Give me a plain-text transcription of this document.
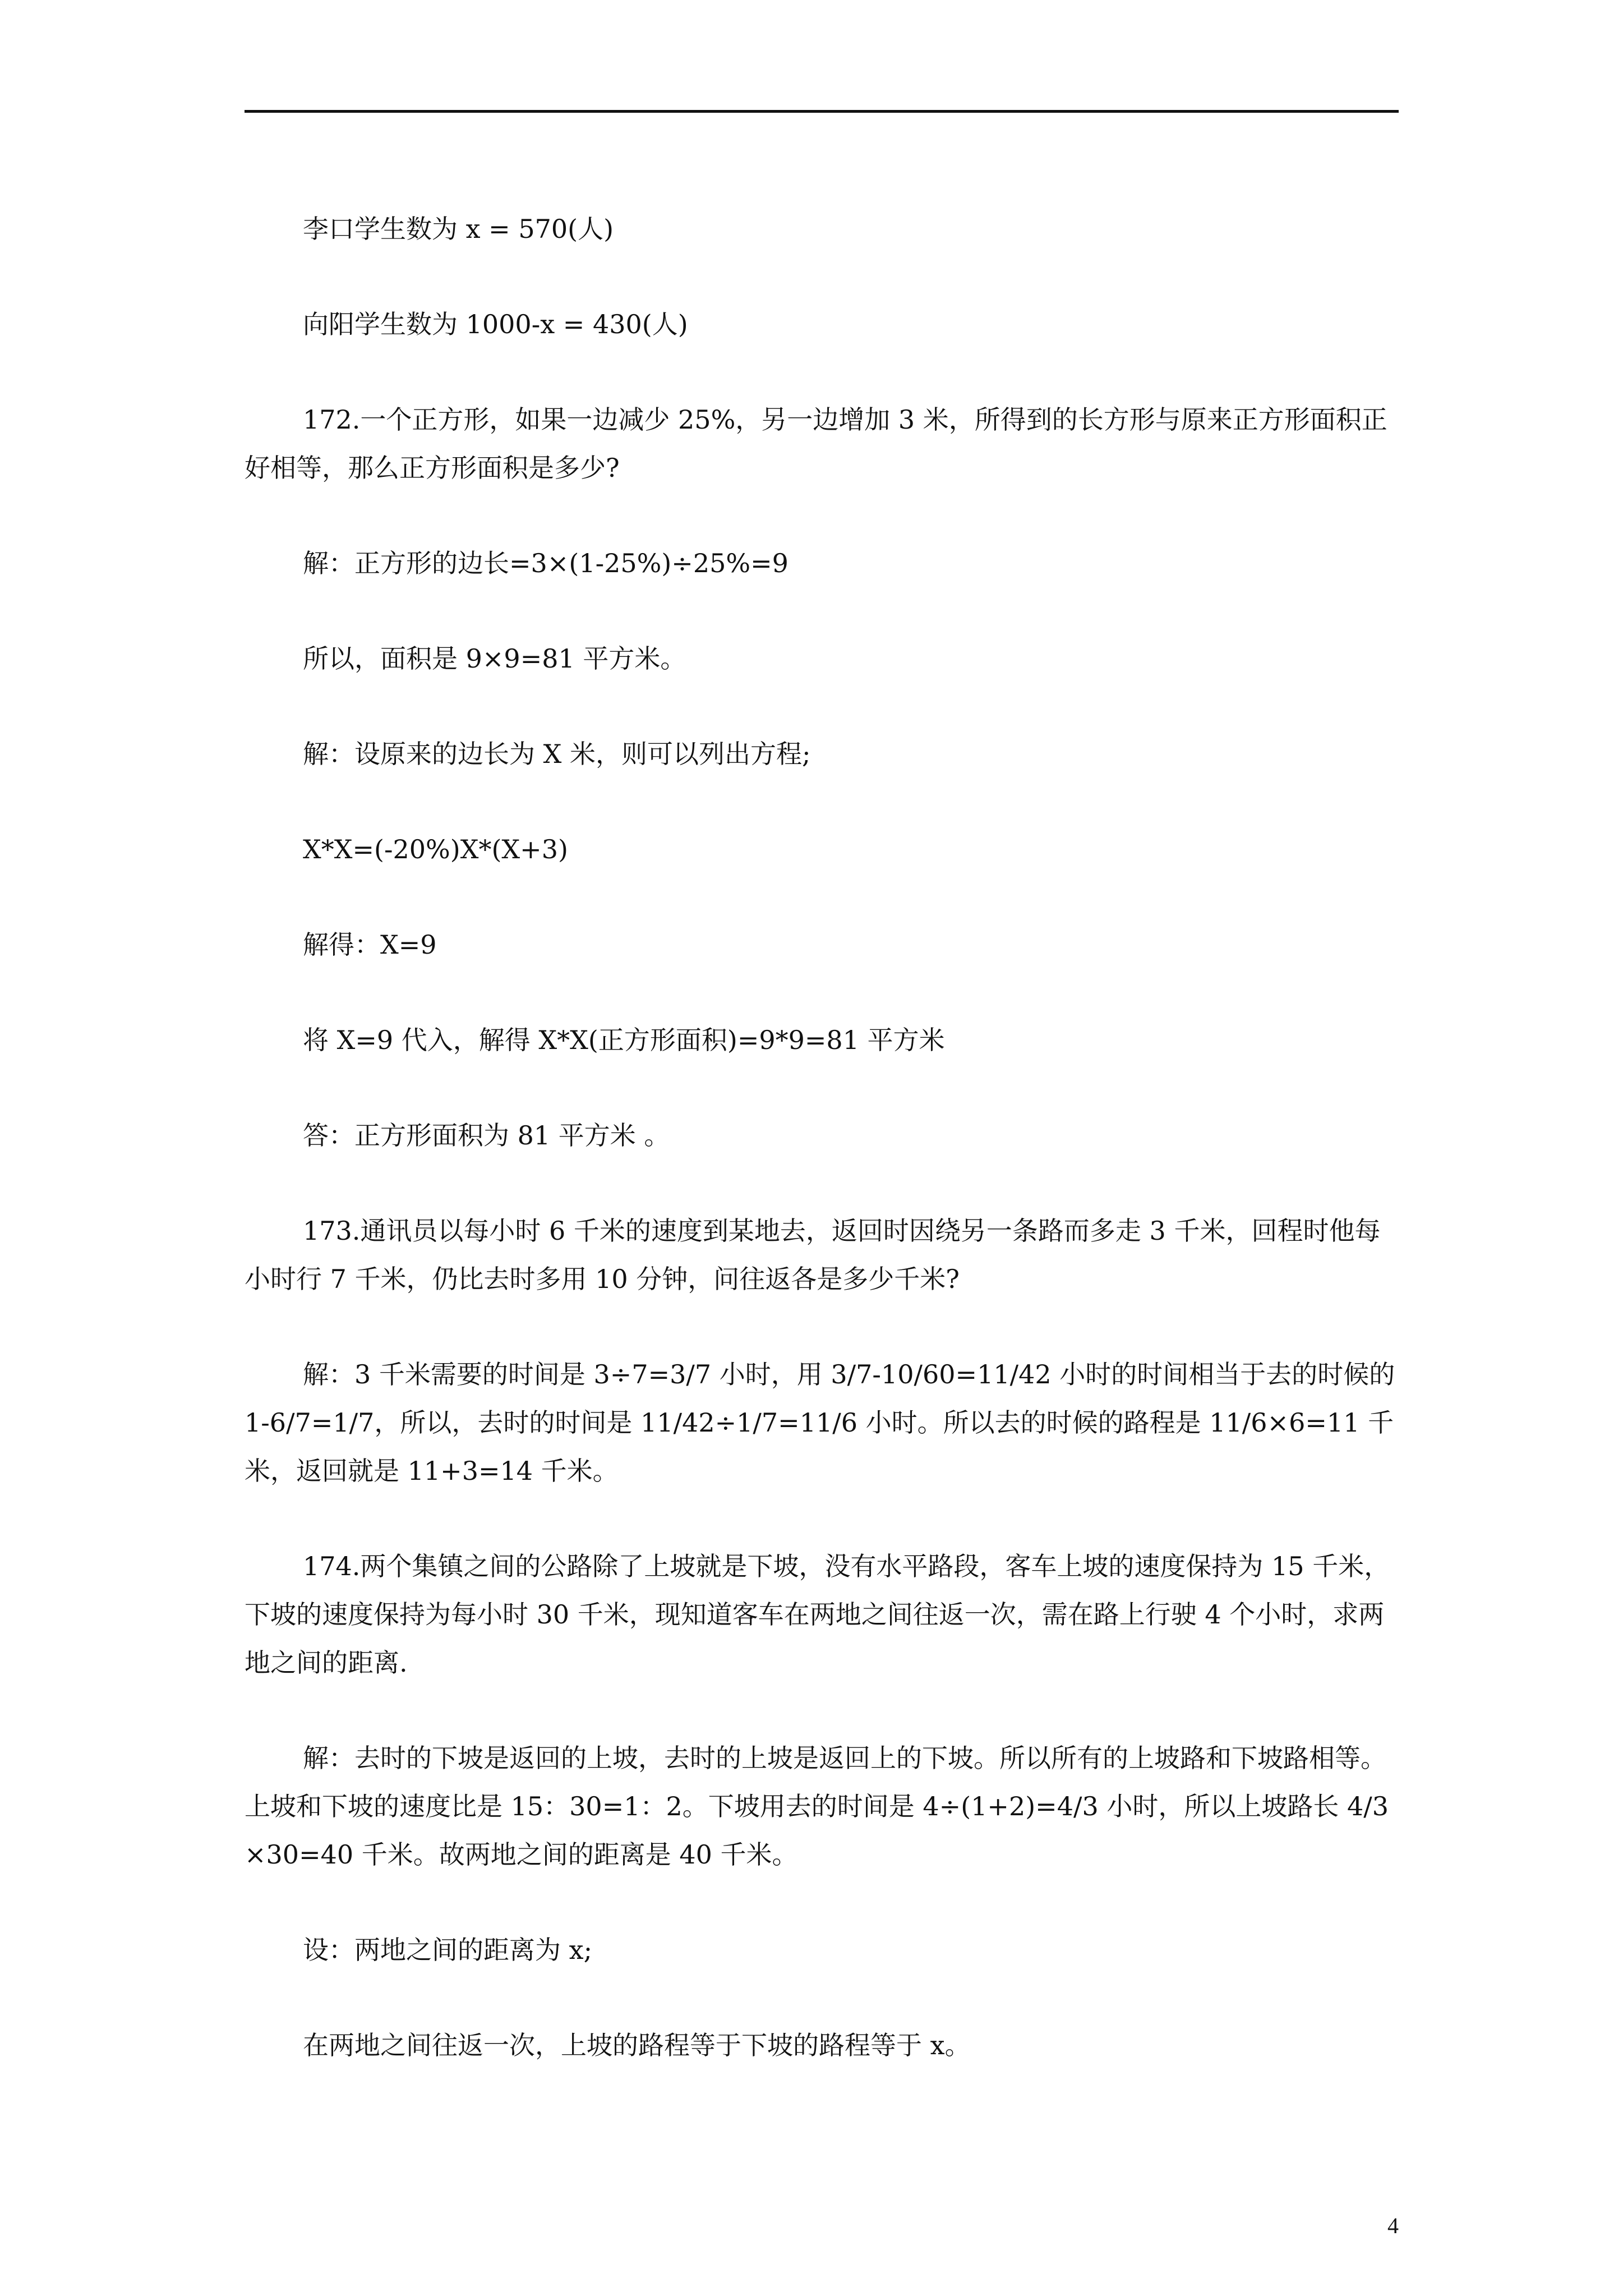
李口学生数为 x = 570(人)

向阳学生数为 1000-x = 430(人)

172.一个正方形，如果一边减少 25%，另一边增加 3 米，所得到的长方形与原来正方形面积正好相等，那么正方形面积是多少?

解：正方形的边长=3×(1-25%)÷25%=9

所以，面积是 9×9=81 平方米。

解：设原来的边长为 X 米，则可以列出方程;

X*X=(-20%)X*(X+3)

解得：X=9

将 X=9 代入，解得 X*X(正方形面积)=9*9=81 平方米

答：正方形面积为 81 平方米 。

173.通讯员以每小时 6 千米的速度到某地去，返回时因绕另一条路而多走 3 千米，回程时他每小时行 7 千米，仍比去时多用 10 分钟，问往返各是多少千米?

解：3 千米需要的时间是 3÷7=3/7 小时，用 3/7-10/60=11/42 小时的时间相当于去的时候的 1-6/7=1/7，所以，去时的时间是 11/42÷1/7=11/6 小时。所以去的时候的路程是 11/6×6=11 千米，返回就是 11+3=14 千米。

174.两个集镇之间的公路除了上坡就是下坡，没有水平路段，客车上坡的速度保持为 15 千米，下坡的速度保持为每小时 30 千米，现知道客车在两地之间往返一次，需在路上行驶 4 个小时，求两地之间的距离.

解：去时的下坡是返回的上坡，去时的上坡是返回上的下坡。所以所有的上坡路和下坡路相等。上坡和下坡的速度比是 15：30=1：2。下坡用去的时间是 4÷(1+2)=4/3 小时，所以上坡路长 4/3×30=40 千米。故两地之间的距离是 40 千米。

设：两地之间的距离为 x;

在两地之间往返一次，上坡的路程等于下坡的路程等于 x。

4
